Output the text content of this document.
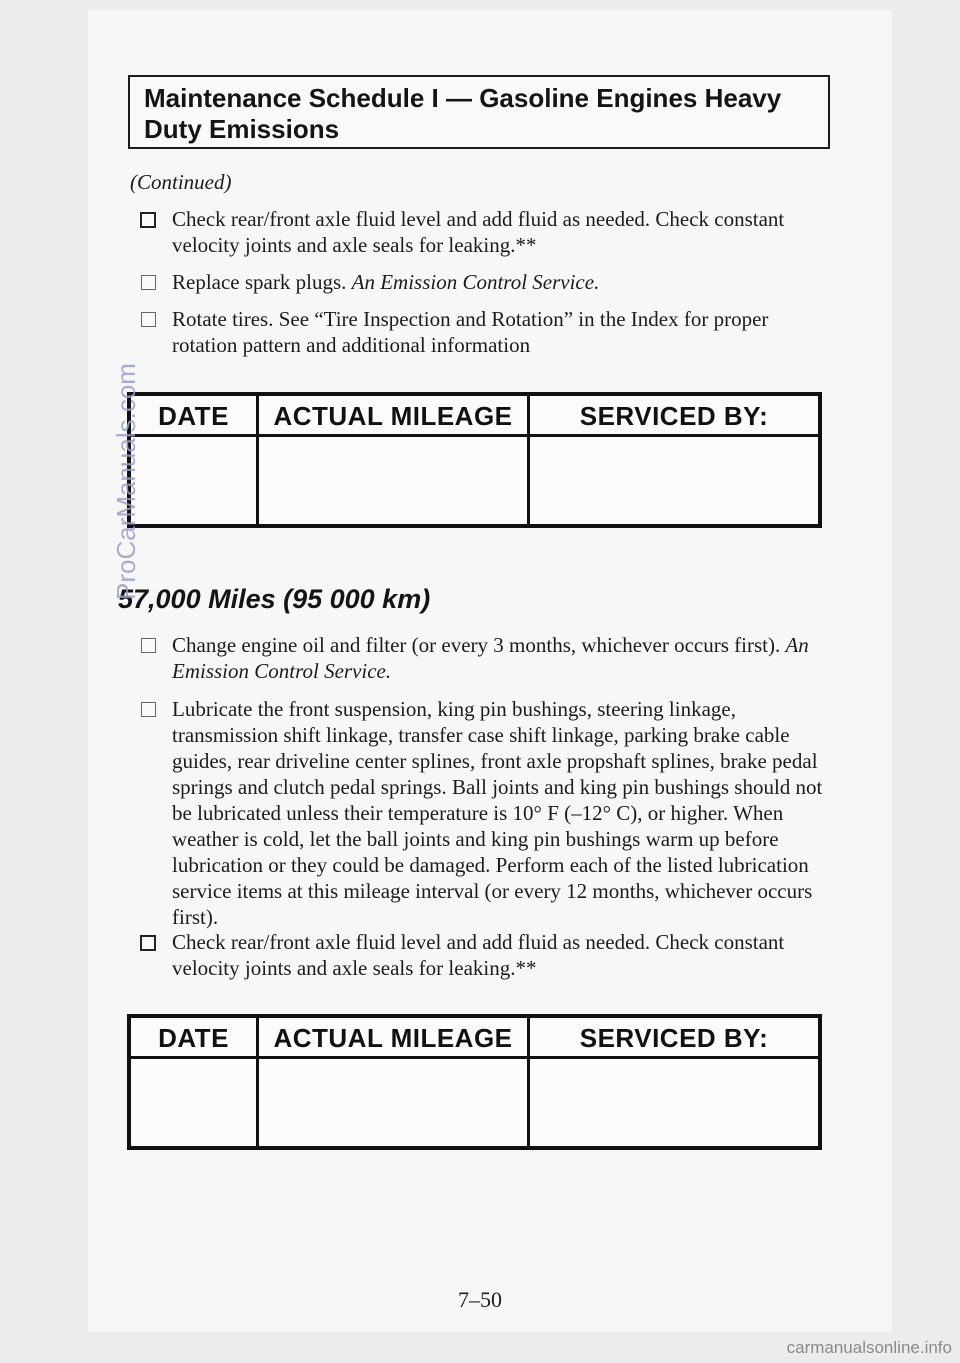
Maintenance Schedule I — Gasoline Engines Heavy
Duty Emissions
(Continued)
Check rear/front axle fluid level and add fluid as needed. Check constant velocity joints and axle seals for leaking.**
Replace spark plugs. An Emission Control Service.
Rotate tires. See “Tire Inspection and Rotation” in the Index for proper rotation pattern and additional information
DATE	ACTUAL MILEAGE	SERVICED BY:
57,000 Miles (95 000 km)
Change engine oil and filter (or every 3 months, whichever occurs first). An Emission Control Service.
Lubricate the front suspension, king pin bushings, steering linkage, transmission shift linkage, transfer case shift linkage, parking brake cable guides, rear driveline center splines, front axle propshaft splines, brake pedal springs and clutch pedal springs. Ball joints and king pin bushings should not be lubricated unless their temperature is 10° F (–12° C), or higher. When weather is cold, let the ball joints and king pin bushings warm up before lubrication or they could be damaged. Perform each of the listed lubrication service items at this mileage interval (or every 12 months, whichever occurs first).
Check rear/front axle fluid level and add fluid as needed. Check constant velocity joints and axle seals for leaking.**
DATE	ACTUAL MILEAGE	SERVICED BY:
7–50
carmanualsonline.info
